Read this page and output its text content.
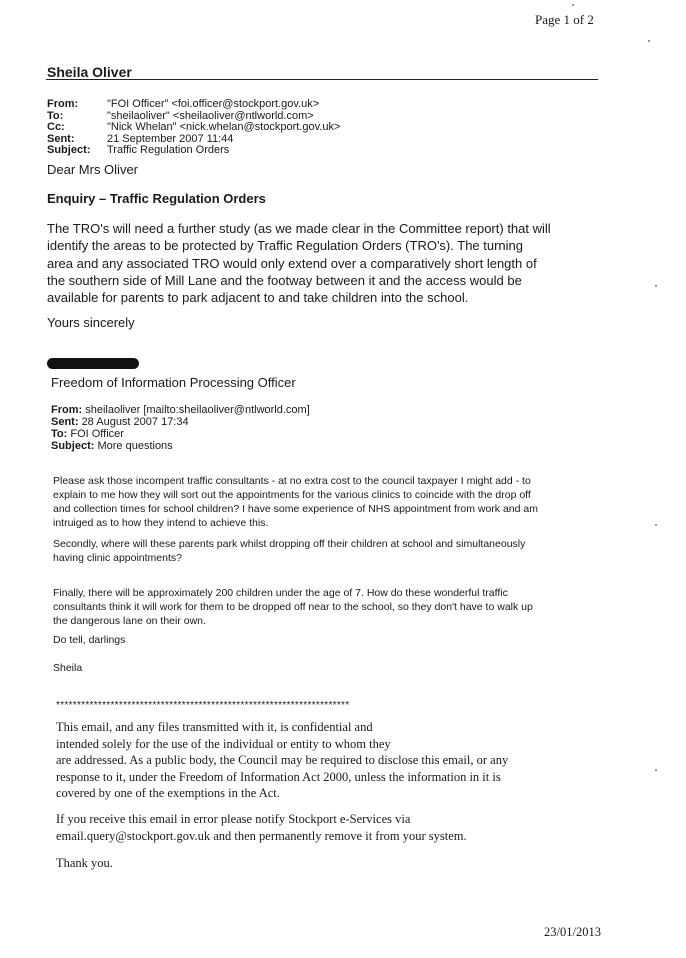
Page 1 of 2
Sheila Oliver
From:	"FOI Officer" <foi.officer@stockport.gov.uk>
To:	"sheilaoliver" <sheilaoliver@ntlworld.com>
Cc:	"Nick Whelan" <nick.whelan@stockport.gov.uk>
Sent:	21 September 2007 11:44
Subject:	Traffic Regulation Orders
Dear Mrs Oliver
Enquiry – Traffic Regulation Orders
The TRO's will need a further study (as we made clear in the Committee report) that will
identify the areas to be protected by Traffic Regulation Orders (TRO's). The turning
area and any associated TRO would only extend over a comparatively short length of
the southern side of Mill Lane and the footway between it and the access would be
available for parents to park adjacent to and take children into the school.
Yours sincerely
Freedom of Information Processing Officer
From: sheilaoliver [mailto:sheilaoliver@ntlworld.com]
Sent: 28 August 2007 17:34
To: FOI Officer
Subject: More questions
Please ask those incompent traffic consultants - at no extra cost to the council taxpayer I might add - to
explain to me how they will sort out the appointments for the various clinics to coincide with the drop off
and collection times for school children? I have some experience of NHS appointment from work and am
intruiged as to how they intend to achieve this.
Secondly, where will these parents park whilst dropping off their children at school and simultaneously
having clinic appointments?
Finally, there will be approximately 200 children under the age of 7. How do these wonderful traffic
consultants think it will work for them to be dropped off near to the school, so they don't have to walk up
the dangerous lane on their own.
Do tell, darlings
Sheila
**********************************************************************
This email, and any files transmitted with it, is confidential and
intended solely for the use of the individual or entity to whom they
are addressed. As a public body, the Council may be required to disclose this email, or any
response to it, under the Freedom of Information Act 2000, unless the information in it is
covered by one of the exemptions in the Act.
If you receive this email in error please notify Stockport e-Services via
email.query@stockport.gov.uk and then permanently remove it from your system.
Thank you.
23/01/2013
